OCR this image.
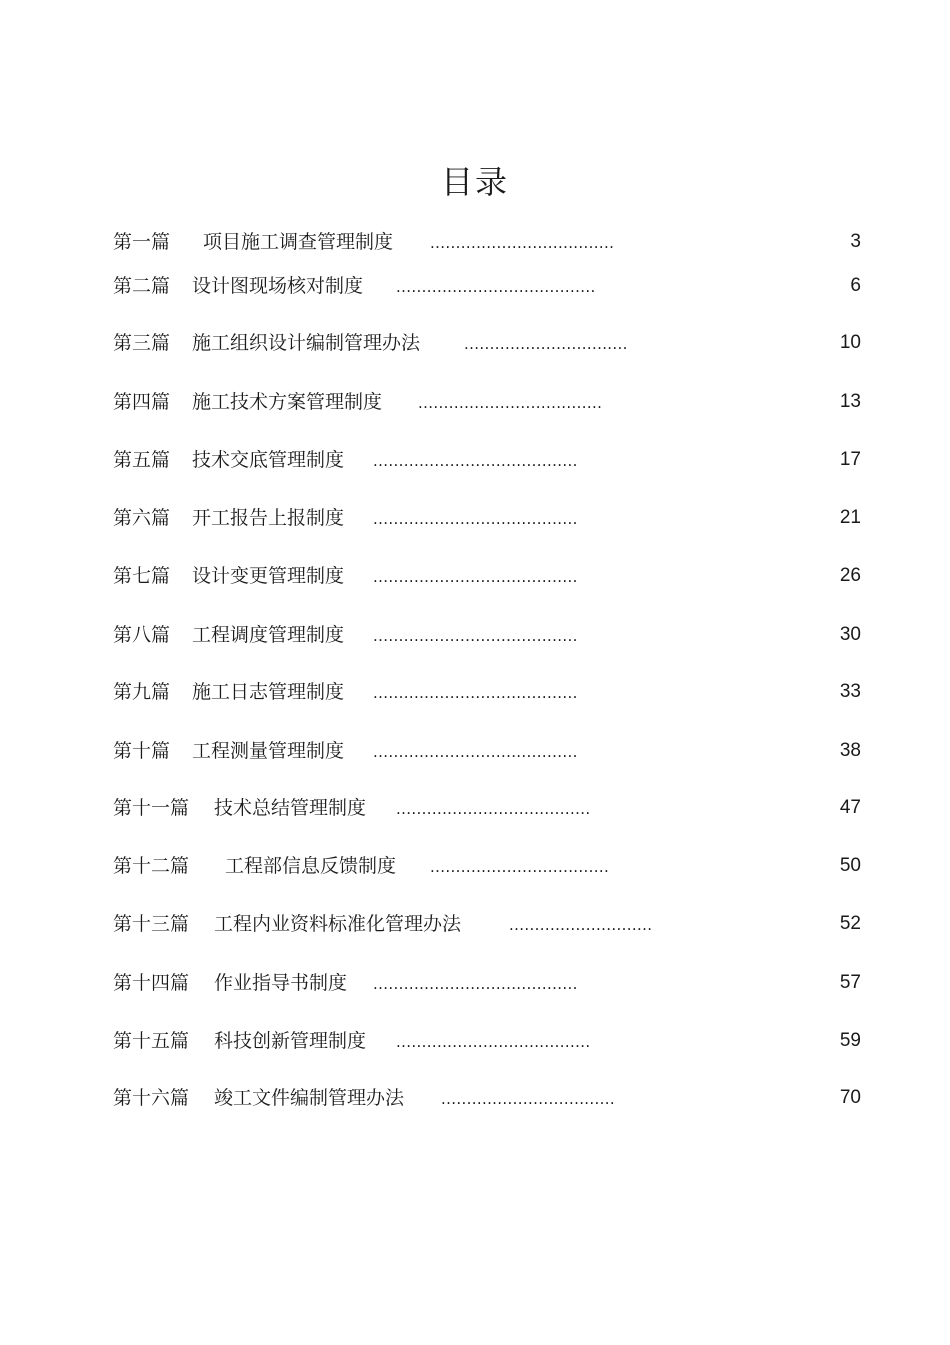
目录
第一篇 项目施工调查管理制度 ....................................	3
第二篇 设计图现场核对制度 .......................................	6
第三篇 施工组织设计编制管理办法	................................	10
第四篇 施工技术方案管理制度 ....................................	13
第五篇 技术交底管理制度 ........................................	17
第六篇 开工报告上报制度 ........................................	21
第七篇 设计变更管理制度 ........................................	26
第八篇 工程调度管理制度 ........................................	30
第九篇 施工日志管理制度 ........................................	33
第十篇 工程测量管理制度 ........................................	38
第十一篇 技术总结管理制度 ......................................	47
第十二篇 工程部信息反馈制度 ...................................	50
第十三篇 工程内业资料标准化管理办法	............................	52
第十四篇 作业指导书制度 ........................................	57
第十五篇 科技创新管理制度 ......................................	59
第十六篇 竣工文件编制管理办法 ..................................	70
